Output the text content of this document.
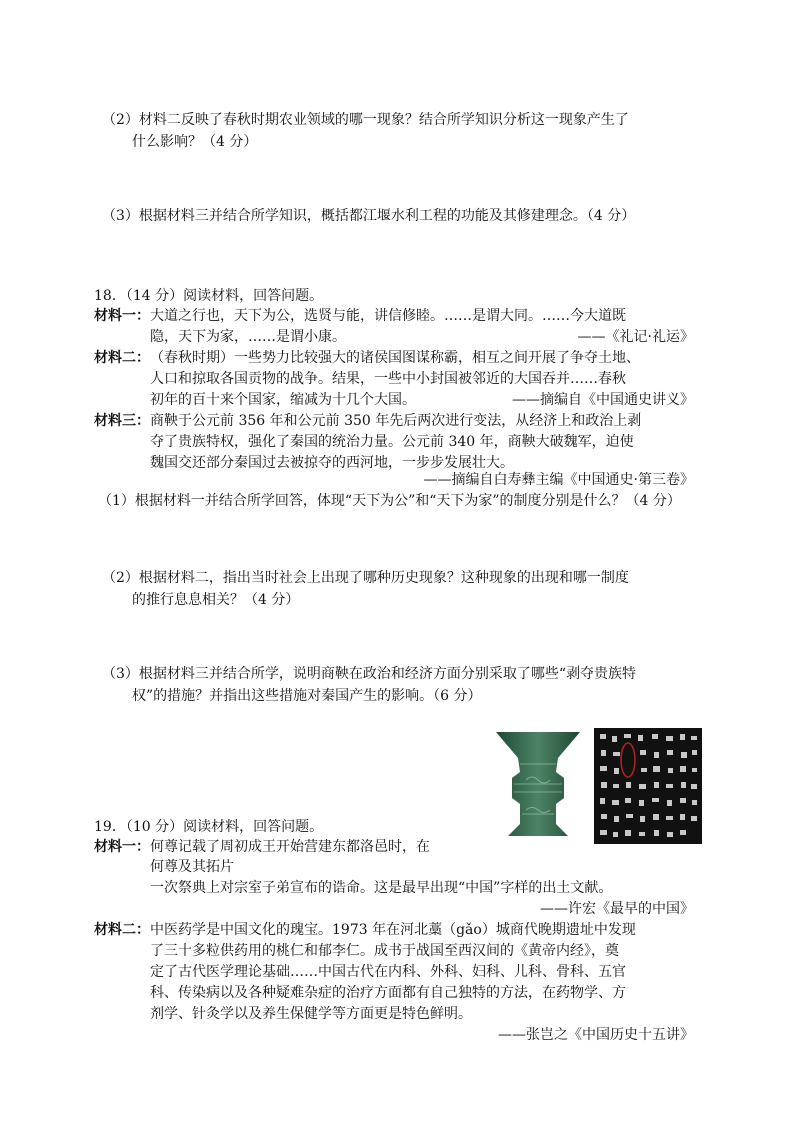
（2）材料二反映了春秋时期农业领域的哪一现象？结合所学知识分析这一现象产生了
什么影响？（4 分）
（3）根据材料三并结合所学知识，概括都江堰水利工程的功能及其修建理念。（4 分）
18．（14 分）阅读材料，回答问题。
材料一： 大道之行也，天下为公，选贤与能，讲信修睦。……是谓大同。……今大道既
隐，天下为家，……是谓小康。	——《礼记·礼运》
材料二： （春秋时期）一些势力比较强大的诸侯国图谋称霸，相互之间开展了争夺土地、
人口和掠取各国贡物的战争。结果，一些中小封国被邻近的大国吞并……春秋
初年的百十来个国家，缩减为十几个大国。	——摘编自《中国通史讲义》
材料三： 商鞅于公元前 356 年和公元前 350 年先后两次进行变法，从经济上和政治上剥
夺了贵族特权，强化了秦国的统治力量。公元前 340 年，商鞅大破魏军，迫使
魏国交还部分秦国过去被掠夺的西河地，一步步发展壮大。
——摘编自白寿彝主编《中国通史·第三卷》
（1）根据材料一并结合所学回答，体现“天下为公”和“天下为家”的制度分别是什么？（4 分）
（2）根据材料二，指出当时社会上出现了哪种历史现象？这种现象的出现和哪一制度
的推行息息相关？（4 分）
（3）根据材料三并结合所学，说明商鞅在政治和经济方面分别采取了哪些“剥夺贵族特
权”的措施？并指出这些措施对秦国产生的影响。（6 分）
19．（10 分）阅读材料，回答问题。
材料一： 何尊记载了周初成王开始营建东都洛邑时，在
何尊及其拓片
一次祭典上对宗室子弟宣布的诰命。这是最早出现“中国”字样的出土文献。
——许宏《最早的中国》
材料二： 中医药学是中国文化的瑰宝。1973 年在河北藁（gǎo）城商代晚期遗址中发现
了三十多粒供药用的桃仁和郁李仁。成书于战国至西汉间的《黄帝内经》，奠
定了古代医学理论基础……中国古代在内科、外科、妇科、儿科、骨科、五官
科、传染病以及各种疑难杂症的治疗方面都有自己独特的方法，在药物学、方
剂学、针灸学以及养生保健学等方面更是特色鲜明。
——张岂之《中国历史十五讲》
